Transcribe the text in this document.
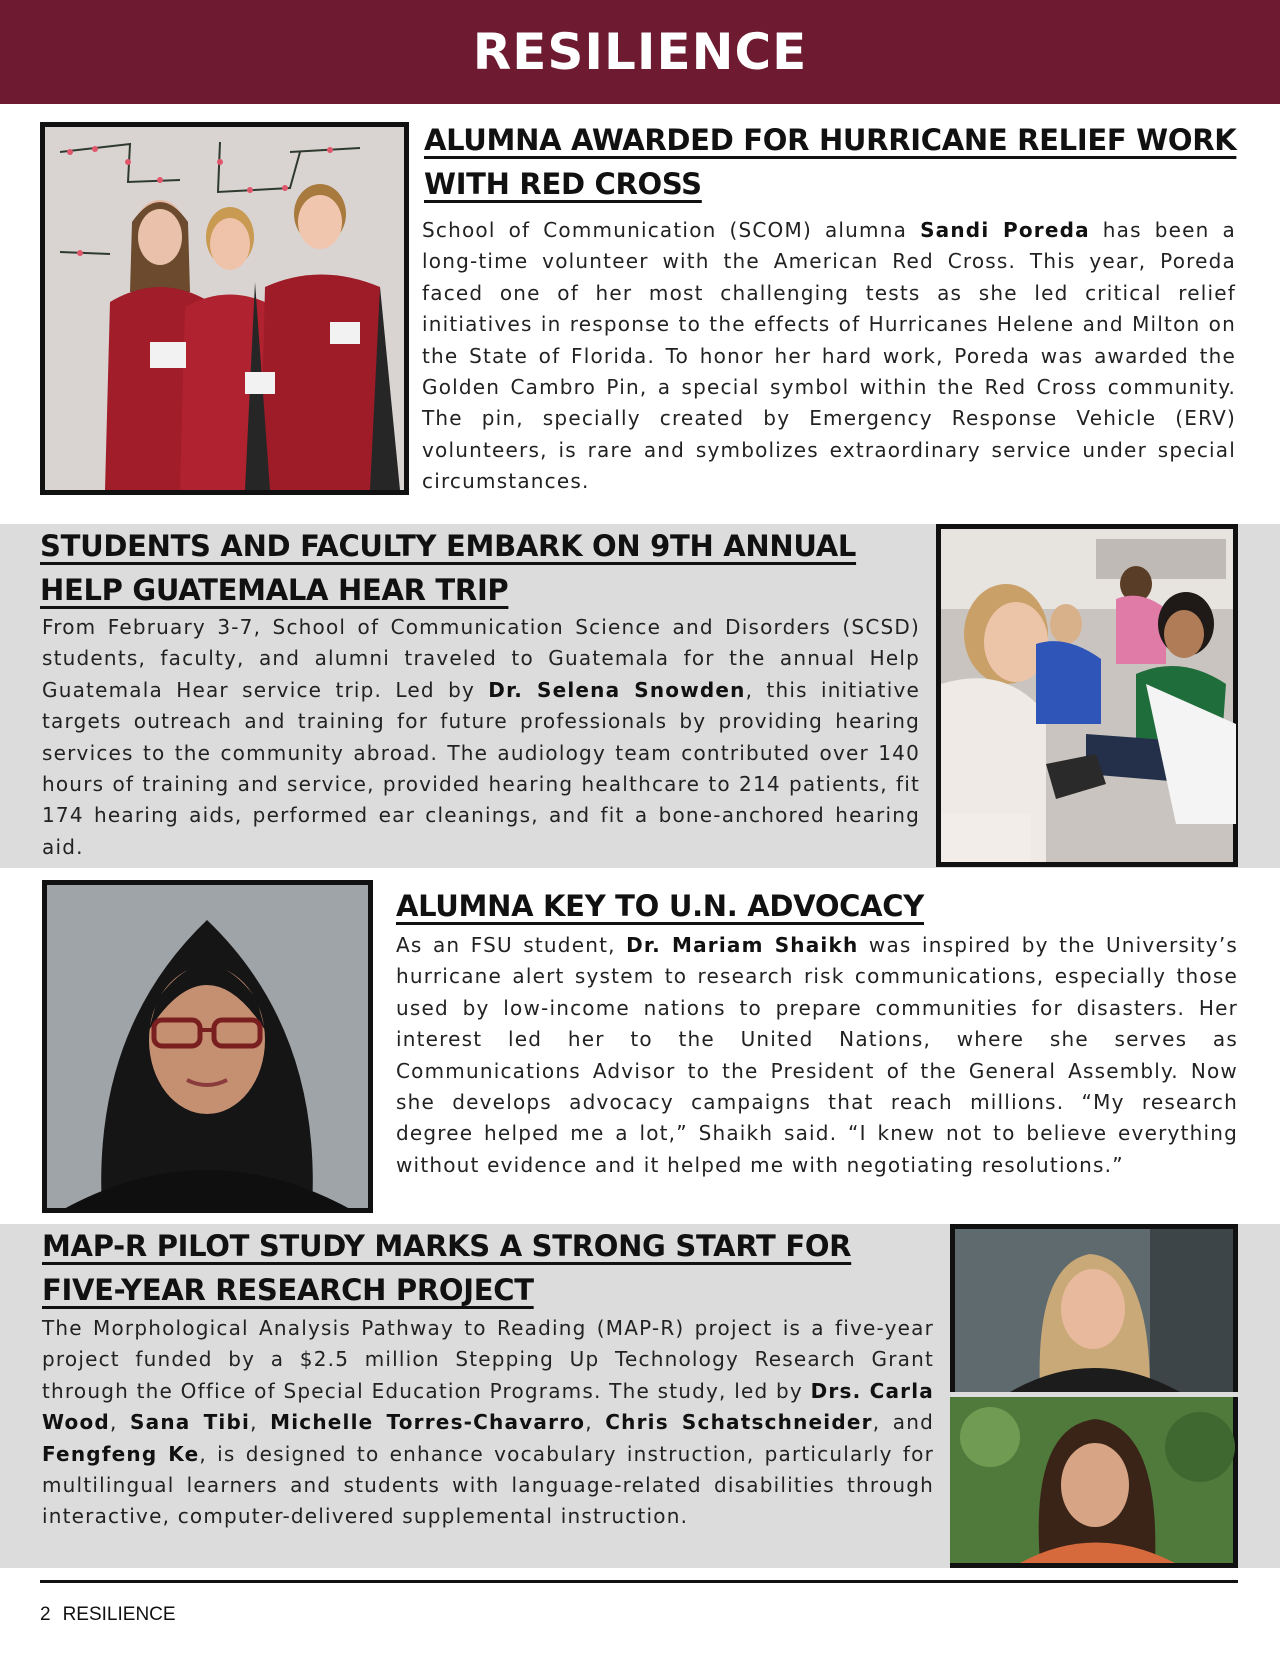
RESILIENCE
ALUMNA AWARDED FOR HURRICANE RELIEF WORK WITH RED CROSS
School of Communication (SCOM) alumna Sandi Poreda has been a long-time volunteer with the American Red Cross. This year, Poreda faced one of her most challenging tests as she led critical relief initiatives in response to the effects of Hurricanes Helene and Milton on the State of Florida. To honor her hard work, Poreda was awarded the Golden Cambro Pin, a special symbol within the Red Cross community. The pin, specially created by Emergency Response Vehicle (ERV) volunteers, is rare and symbolizes extraordinary service under special circumstances.
STUDENTS AND FACULTY EMBARK ON 9TH ANNUAL HELP GUATEMALA HEAR TRIP
From February 3-7, School of Communication Science and Disorders (SCSD) students, faculty, and alumni traveled to Guatemala for the annual Help Guatemala Hear service trip. Led by Dr. Selena Snowden, this initiative targets outreach and training for future professionals by providing hearing services to the community abroad. The audiology team contributed over 140 hours of training and service, provided hearing healthcare to 214 patients, fit 174 hearing aids, performed ear cleanings, and fit a bone-anchored hearing aid.
ALUMNA KEY TO U.N. ADVOCACY
As an FSU student, Dr. Mariam Shaikh was inspired by the University’s hurricane alert system to research risk communications, especially those used by low-income nations to prepare communities for disasters. Her interest led her to the United Nations, where she serves as Communications Advisor to the President of the General Assembly. Now she develops advocacy campaigns that reach millions. “My research degree helped me a lot,” Shaikh said. “I knew not to believe everything without evidence and it helped me with negotiating resolutions.”
MAP-R PILOT STUDY MARKS A STRONG START FOR FIVE-YEAR RESEARCH PROJECT
The Morphological Analysis Pathway to Reading (MAP-R) project is a five-year project funded by a $2.5 million Stepping Up Technology Research Grant through the Office of Special Education Programs. The study, led by Drs. Carla Wood, Sana Tibi, Michelle Torres-Chavarro, Chris Schatschneider, and Fengfeng Ke, is designed to enhance vocabulary instruction, particularly for multilingual learners and students with language-related disabilities through interactive, computer-delivered supplemental instruction.
2 RESILIENCE
